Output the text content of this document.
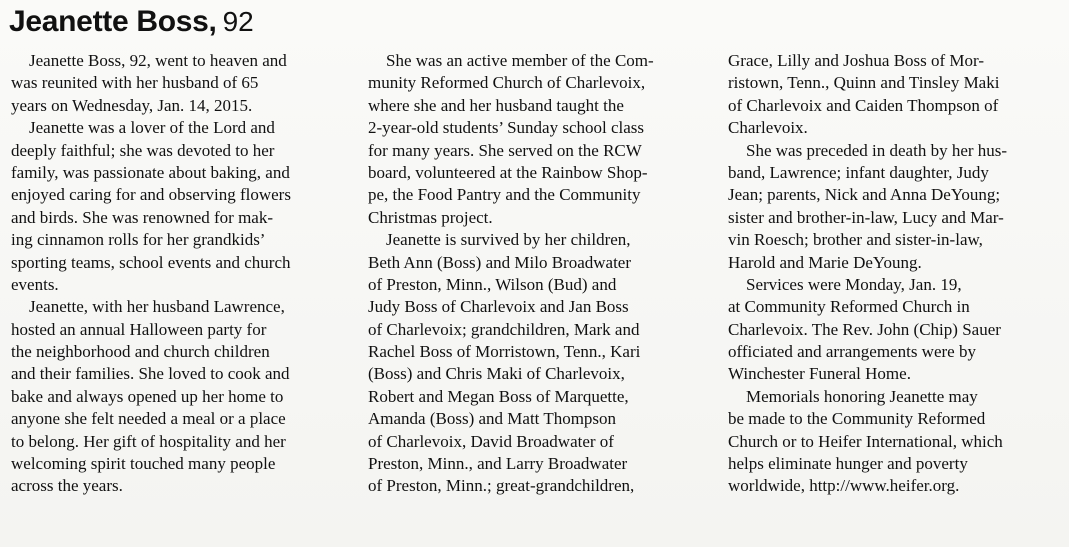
Jeanette Boss, 92
Jeanette Boss, 92, went to heaven and
was reunited with her husband of 65
years on Wednesday, Jan. 14, 2015.
Jeanette was a lover of the Lord and
deeply faithful; she was devoted to her
family, was passionate about baking, and
enjoyed caring for and observing flowers
and birds. She was renowned for mak-
ing cinnamon rolls for her grandkids’
sporting teams, school events and church
events.
Jeanette, with her husband Lawrence,
hosted an annual Halloween party for
the neighborhood and church children
and their families. She loved to cook and
bake and always opened up her home to
anyone she felt needed a meal or a place
to belong. Her gift of hospitality and her
welcoming spirit touched many people
across the years.
She was an active member of the Com-
munity Reformed Church of Charlevoix,
where she and her husband taught the
2-year-old students’ Sunday school class
for many years. She served on the RCW
board, volunteered at the Rainbow Shop-
pe, the Food Pantry and the Community
Christmas project.
Jeanette is survived by her children,
Beth Ann (Boss) and Milo Broadwater
of Preston, Minn., Wilson (Bud) and
Judy Boss of Charlevoix and Jan Boss
of Charlevoix; grandchildren, Mark and
Rachel Boss of Morristown, Tenn., Kari
(Boss) and Chris Maki of Charlevoix,
Robert and Megan Boss of Marquette,
Amanda (Boss) and Matt Thompson
of Charlevoix, David Broadwater of
Preston, Minn., and Larry Broadwater
of Preston, Minn.; great-grandchildren,
Grace, Lilly and Joshua Boss of Mor-
ristown, Tenn., Quinn and Tinsley Maki
of Charlevoix and Caiden Thompson of
Charlevoix.
She was preceded in death by her hus-
band, Lawrence; infant daughter, Judy
Jean; parents, Nick and Anna DeYoung;
sister and brother-in-law, Lucy and Mar-
vin Roesch; brother and sister-in-law,
Harold and Marie DeYoung.
Services were Monday, Jan. 19,
at Community Reformed Church in
Charlevoix. The Rev. John (Chip) Sauer
officiated and arrangements were by
Winchester Funeral Home.
Memorials honoring Jeanette may
be made to the Community Reformed
Church or to Heifer International, which
helps eliminate hunger and poverty
worldwide, http://www.heifer.org.
